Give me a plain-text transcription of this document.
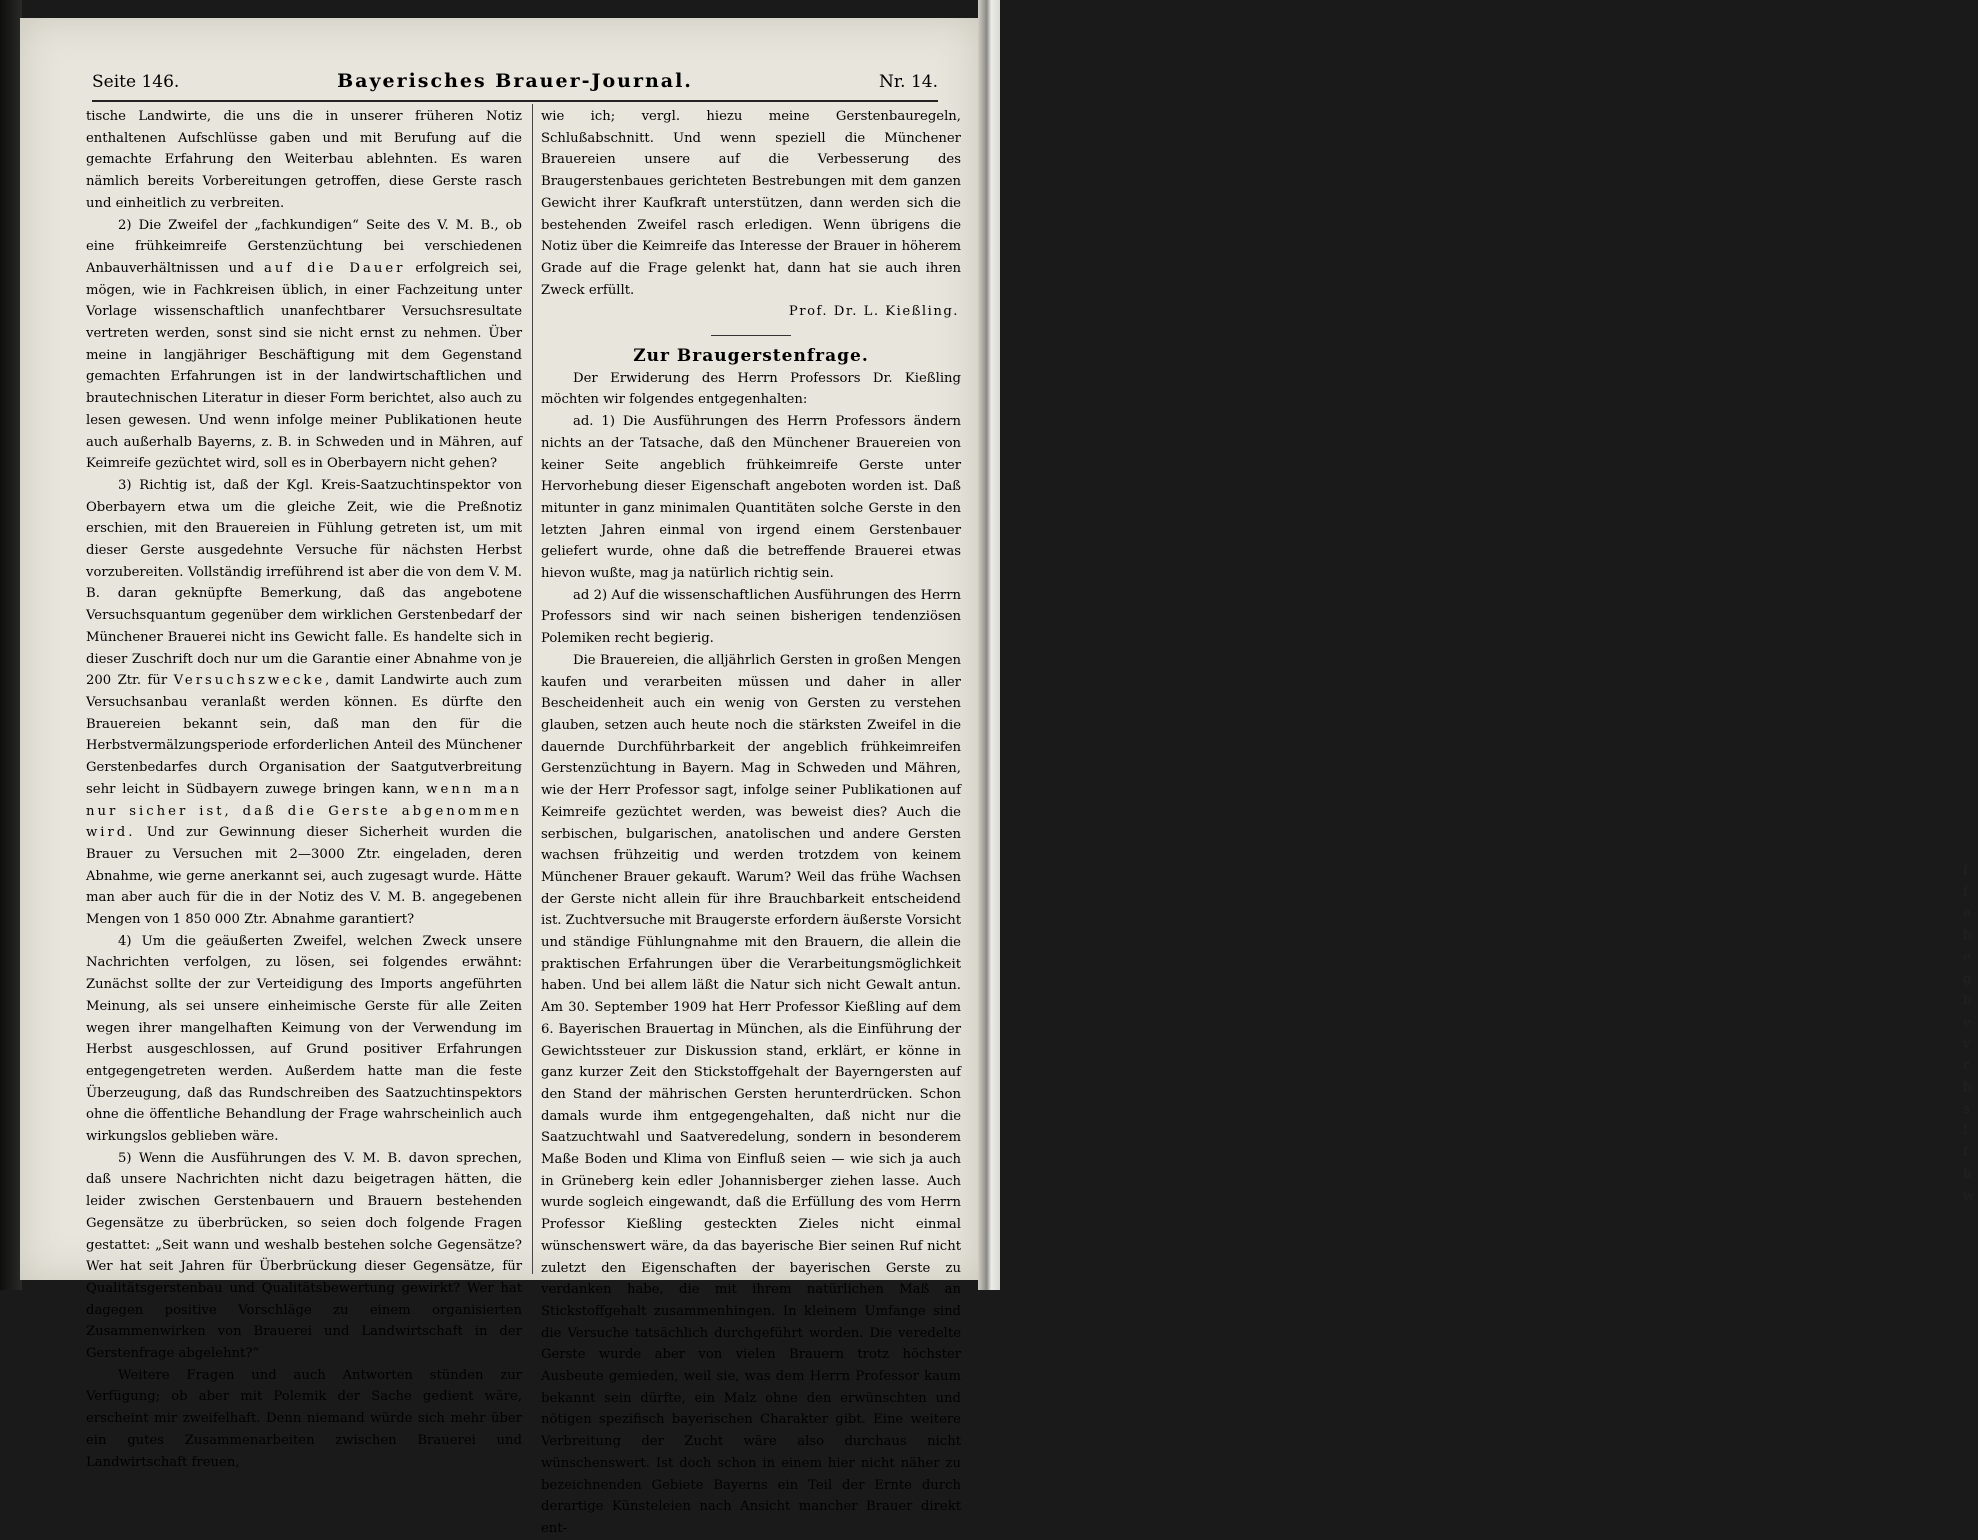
f
f
e
b
e
g
b
e
v
r
b
s
f
f
b
w
Seite 146.	Bayerisches Brauer-Journal.	Nr. 14.

tische Landwirte, die uns die in unserer früheren Notiz enthaltenen Aufschlüsse gaben und mit Berufung auf die gemachte Erfahrung den Weiterbau ablehnten. Es waren nämlich bereits Vorbereitungen getroffen, diese Gerste rasch und einheitlich zu verbreiten.

2) Die Zweifel der „fachkundigen“ Seite des V. M. B., ob eine frühkeimreife Gerstenzüchtung bei verschiedenen Anbauverhältnissen und auf die Dauer erfolgreich sei, mögen, wie in Fachkreisen üblich, in einer Fachzeitung unter Vorlage wissenschaftlich unanfechtbarer Versuchsresultate vertreten werden, sonst sind sie nicht ernst zu nehmen. Über meine in langjähriger Beschäftigung mit dem Gegenstand gemachten Erfahrungen ist in der landwirtschaftlichen und brautechnischen Literatur in dieser Form berichtet, also auch zu lesen gewesen. Und wenn infolge meiner Publikationen heute auch außerhalb Bayerns, z. B. in Schweden und in Mähren, auf Keimreife gezüchtet wird, soll es in Oberbayern nicht gehen?

3) Richtig ist, daß der Kgl. Kreis-Saatzuchtinspektor von Oberbayern etwa um die gleiche Zeit, wie die Preßnotiz erschien, mit den Brauereien in Fühlung getreten ist, um mit dieser Gerste ausgedehnte Versuche für nächsten Herbst vorzubereiten. Vollständig irreführend ist aber die von dem V. M. B. daran geknüpfte Bemerkung, daß das angebotene Versuchsquantum gegenüber dem wirklichen Gerstenbedarf der Münchener Brauerei nicht ins Gewicht falle. Es handelte sich in dieser Zuschrift doch nur um die Garantie einer Abnahme von je 200 Ztr. für Versuchszwecke, damit Landwirte auch zum Versuchsanbau veranlaßt werden können. Es dürfte den Brauereien bekannt sein, daß man den für die Herbstvermälzungsperiode erforderlichen Anteil des Münchener Gerstenbedarfes durch Organisation der Saatgutverbreitung sehr leicht in Südbayern zuwege bringen kann, wenn man nur sicher ist, daß die Gerste abgenommen wird. Und zur Gewinnung dieser Sicherheit wurden die Brauer zu Versuchen mit 2—3000 Ztr. eingeladen, deren Abnahme, wie gerne anerkannt sei, auch zugesagt wurde. Hätte man aber auch für die in der Notiz des V. M. B. angegebenen Mengen von 1 850 000 Ztr. Abnahme garantiert?

4) Um die geäußerten Zweifel, welchen Zweck unsere Nachrichten verfolgen, zu lösen, sei folgendes erwähnt: Zunächst sollte der zur Verteidigung des Imports angeführten Meinung, als sei unsere einheimische Gerste für alle Zeiten wegen ihrer mangelhaften Keimung von der Verwendung im Herbst ausgeschlossen, auf Grund positiver Erfahrungen entgegengetreten werden. Außerdem hatte man die feste Überzeugung, daß das Rundschreiben des Saatzuchtinspektors ohne die öffentliche Behandlung der Frage wahrscheinlich auch wirkungslos geblieben wäre.

5) Wenn die Ausführungen des V. M. B. davon sprechen, daß unsere Nachrichten nicht dazu beigetragen hätten, die leider zwischen Gerstenbauern und Brauern bestehenden Gegensätze zu überbrücken, so seien doch folgende Fragen gestattet: „Seit wann und weshalb bestehen solche Gegensätze? Wer hat seit Jahren für Überbrückung dieser Gegensätze, für Qualitätsgerstenbau und Qualitätsbewertung gewirkt? Wer hat dagegen positive Vorschläge zu einem organisierten Zusammenwirken von Brauerei und Landwirtschaft in der Gerstenfrage abgelehnt?“

Weitere Fragen und auch Antworten stünden zur Verfügung; ob aber mit Polemik der Sache gedient wäre, erscheint mir zweifelhaft. Denn niemand würde sich mehr über ein gutes Zusammenarbeiten zwischen Brauerei und Landwirtschaft freuen,

wie ich; vergl. hiezu meine Gerstenbauregeln, Schlußabschnitt. Und wenn speziell die Münchener Brauereien unsere auf die Verbesserung des Braugerstenbaues gerichteten Bestrebungen mit dem ganzen Gewicht ihrer Kaufkraft unterstützen, dann werden sich die bestehenden Zweifel rasch erledigen. Wenn übrigens die Notiz über die Keimreife das Interesse der Brauer in höherem Grade auf die Frage gelenkt hat, dann hat sie auch ihren Zweck erfüllt.

Prof. Dr. L. Kießling.

Zur Braugerstenfrage.

Der Erwiderung des Herrn Professors Dr. Kießling möchten wir folgendes entgegenhalten:

ad. 1) Die Ausführungen des Herrn Professors ändern nichts an der Tatsache, daß den Münchener Brauereien von keiner Seite angeblich frühkeimreife Gerste unter Hervorhebung dieser Eigenschaft angeboten worden ist. Daß mitunter in ganz minimalen Quantitäten solche Gerste in den letzten Jahren einmal von irgend einem Gerstenbauer geliefert wurde, ohne daß die betreffende Brauerei etwas hievon wußte, mag ja natürlich richtig sein.

ad 2) Auf die wissenschaftlichen Ausführungen des Herrn Professors sind wir nach seinen bisherigen tendenziösen Polemiken recht begierig.

Die Brauereien, die alljährlich Gersten in großen Mengen kaufen und verarbeiten müssen und daher in aller Bescheidenheit auch ein wenig von Gersten zu verstehen glauben, setzen auch heute noch die stärksten Zweifel in die dauernde Durchführbarkeit der angeblich frühkeimreifen Gerstenzüchtung in Bayern. Mag in Schweden und Mähren, wie der Herr Professor sagt, infolge seiner Publikationen auf Keimreife gezüchtet werden, was beweist dies? Auch die serbischen, bulgarischen, anatolischen und andere Gersten wachsen frühzeitig und werden trotzdem von keinem Münchener Brauer gekauft. Warum? Weil das frühe Wachsen der Gerste nicht allein für ihre Brauchbarkeit entscheidend ist. Zuchtversuche mit Braugerste erfordern äußerste Vorsicht und ständige Fühlungnahme mit den Brauern, die allein die praktischen Erfahrungen über die Verarbeitungsmöglichkeit haben. Und bei allem läßt die Natur sich nicht Gewalt antun. Am 30. September 1909 hat Herr Professor Kießling auf dem 6. Bayerischen Brauertag in München, als die Einführung der Gewichtssteuer zur Diskussion stand, erklärt, er könne in ganz kurzer Zeit den Stickstoffgehalt der Bayerngersten auf den Stand der mährischen Gersten herunterdrücken. Schon damals wurde ihm entgegengehalten, daß nicht nur die Saatzuchtwahl und Saatveredelung, sondern in besonderem Maße Boden und Klima von Einfluß seien — wie sich ja auch in Grüneberg kein edler Johannisberger ziehen lasse. Auch wurde sogleich eingewandt, daß die Erfüllung des vom Herrn Professor Kießling gesteckten Zieles nicht einmal wünschenswert wäre, da das bayerische Bier seinen Ruf nicht zuletzt den Eigenschaften der bayerischen Gerste zu verdanken habe, die mit ihrem natürlichen Maß an Stickstoffgehalt zusammenhingen. In kleinem Umfange sind die Versuche tatsächlich durchgeführt worden. Die veredelte Gerste wurde aber von vielen Brauern trotz höchster Ausbeute gemieden, weil sie, was dem Herrn Professor kaum bekannt sein dürfte, ein Malz ohne den erwünschten und nötigen spezifisch bayerischen Charakter gibt. Eine weitere Verbreitung der Zucht wäre also durchaus nicht wünschenswert. Ist doch schon in einem hier nicht näher zu bezeichnenden Gebiete Bayerns ein Teil der Ernte durch derartige Künsteleien nach Ansicht mancher Brauer direkt ent-
